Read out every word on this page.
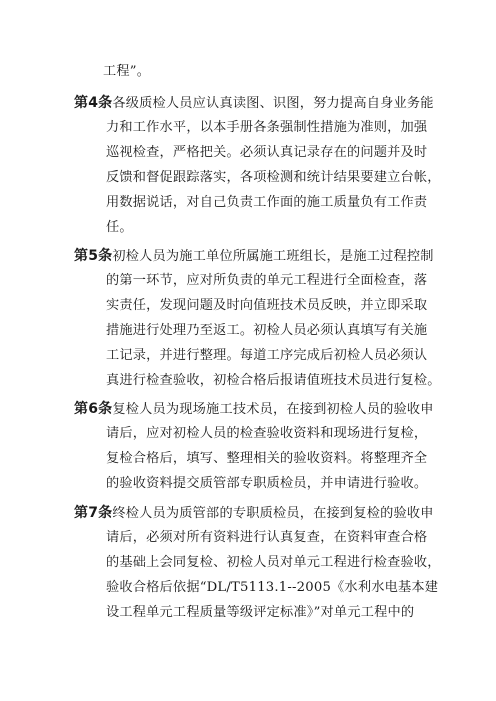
工程”。
第4条各级质检人员应认真读图、识图，努力提高自身业务能
力和工作水平，以本手册各条强制性措施为准则，加强
巡视检查，严格把关。必须认真记录存在的问题并及时
反馈和督促跟踪落实，各项检测和统计结果要建立台帐，
用数据说话，对自己负责工作面的施工质量负有工作责
任。
第5条初检人员为施工单位所属施工班组长，是施工过程控制
的第一环节，应对所负责的单元工程进行全面检查，落
实责任，发现问题及时向值班技术员反映，并立即采取
措施进行处理乃至返工。初检人员必须认真填写有关施
工记录，并进行整理。每道工序完成后初检人员必须认
真进行检查验收，初检合格后报请值班技术员进行复检。
第6条复检人员为现场施工技术员，在接到初检人员的验收申
请后，应对初检人员的检查验收资料和现场进行复检，
复检合格后，填写、整理相关的验收资料。将整理齐全
的验收资料提交质管部专职质检员，并申请进行验收。
第7条终检人员为质管部的专职质检员，在接到复检的验收申
请后，必须对所有资料进行认真复查，在资料审查合格
的基础上会同复检、初检人员对单元工程进行检查验收，
验收合格后依据“DL/T5113.1--2005《水利水电基本建
设工程单元工程质量等级评定标准》”对单元工程中的
